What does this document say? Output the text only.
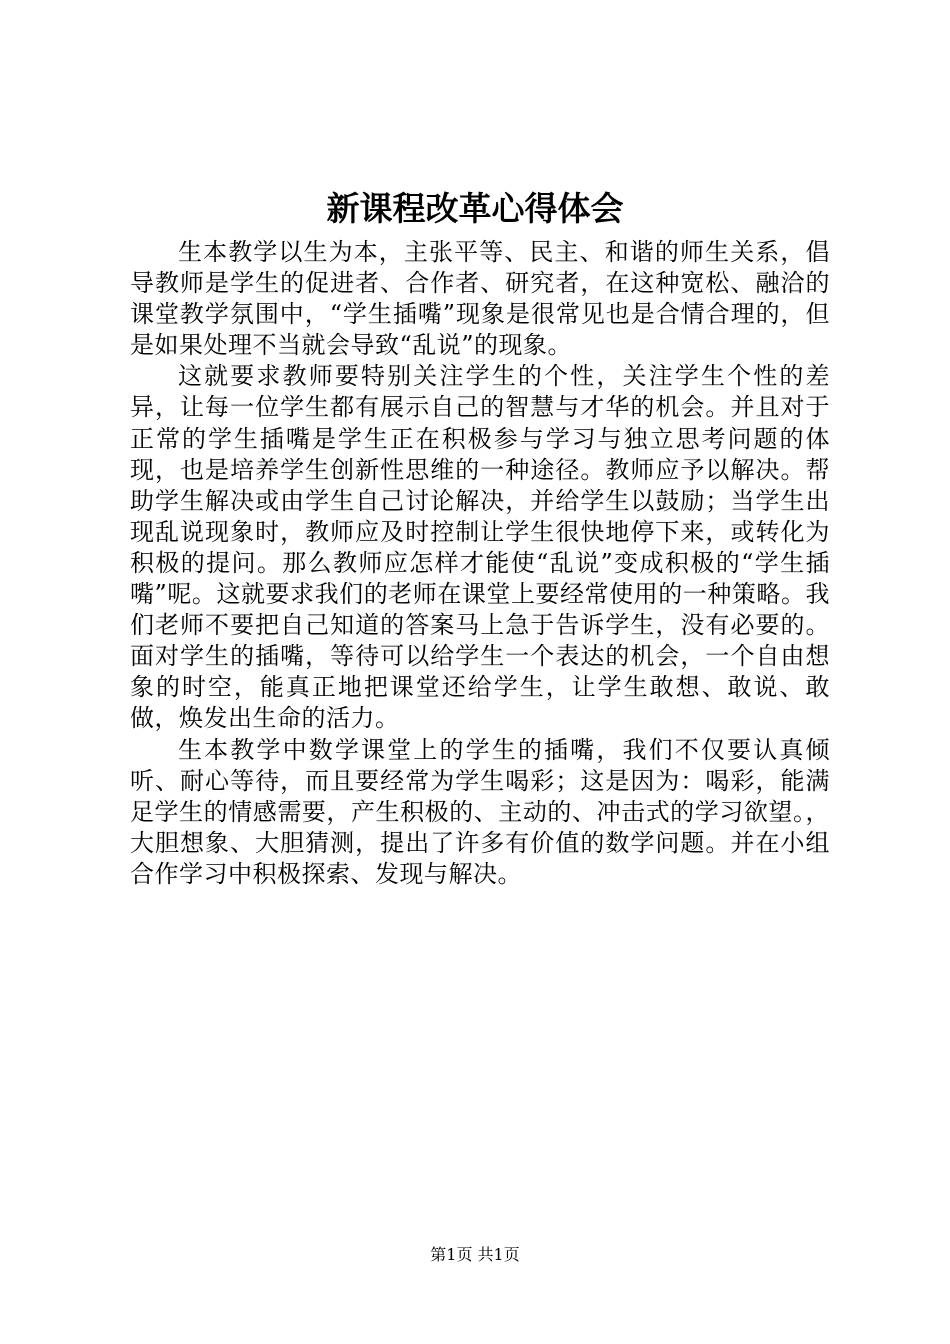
新课程改革心得体会

生本教学以生为本，主张平等、民主、和谐的师生关系，倡导教师是学生的促进者、合作者、研究者，在这种宽松、融洽的课堂教学氛围中，“学生插嘴”现象是很常见也是合情合理的，但是如果处理不当就会导致“乱说”的现象。

这就要求教师要特别关注学生的个性，关注学生个性的差异，让每一位学生都有展示自己的智慧与才华的机会。并且对于正常的学生插嘴是学生正在积极参与学习与独立思考问题的体现，也是培养学生创新性思维的一种途径。教师应予以解决。帮助学生解决或由学生自己讨论解决，并给学生以鼓励；当学生出现乱说现象时，教师应及时控制让学生很快地停下来，或转化为积极的提问。那么教师应怎样才能使“乱说”变成积极的“学生插嘴”呢。这就要求我们的老师在课堂上要经常使用的一种策略。我们老师不要把自己知道的答案马上急于告诉学生，没有必要的。面对学生的插嘴，等待可以给学生一个表达的机会，一个自由想象的时空，能真正地把课堂还给学生，让学生敢想、敢说、敢做，焕发出生命的活力。

生本教学中数学课堂上的学生的插嘴，我们不仅要认真倾听、耐心等待，而且要经常为学生喝彩；这是因为：喝彩，能满足学生的情感需要，产生积极的、主动的、冲击式的学习欲望。，大胆想象、大胆猜测，提出了许多有价值的数学问题。并在小组合作学习中积极探索、发现与解决。

第1页 共1页
